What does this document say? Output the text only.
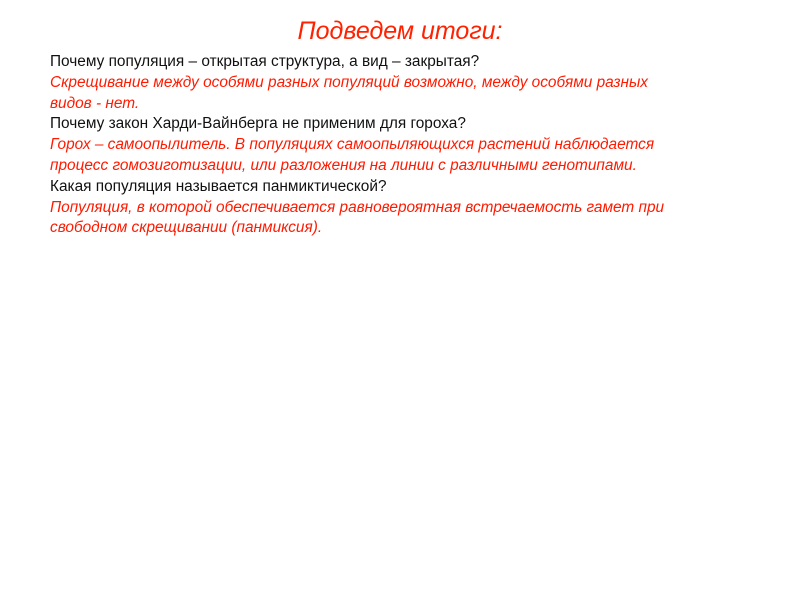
Подведем итоги:
Почему популяция – открытая структура, а вид – закрытая?
Скрещивание между особями разных популяций возможно, между особями разных
видов - нет.
Почему закон Харди-Вайнберга не применим для гороха?
Горох – самоопылитель. В популяциях самоопыляющихся растений наблюдается
процесс гомозиготизации, или разложения на линии с различными генотипами.
Какая популяция называется панмиктической?
Популяция, в которой обеспечивается равновероятная встречаемость гамет при
свободном скрещивании (панмиксия).
